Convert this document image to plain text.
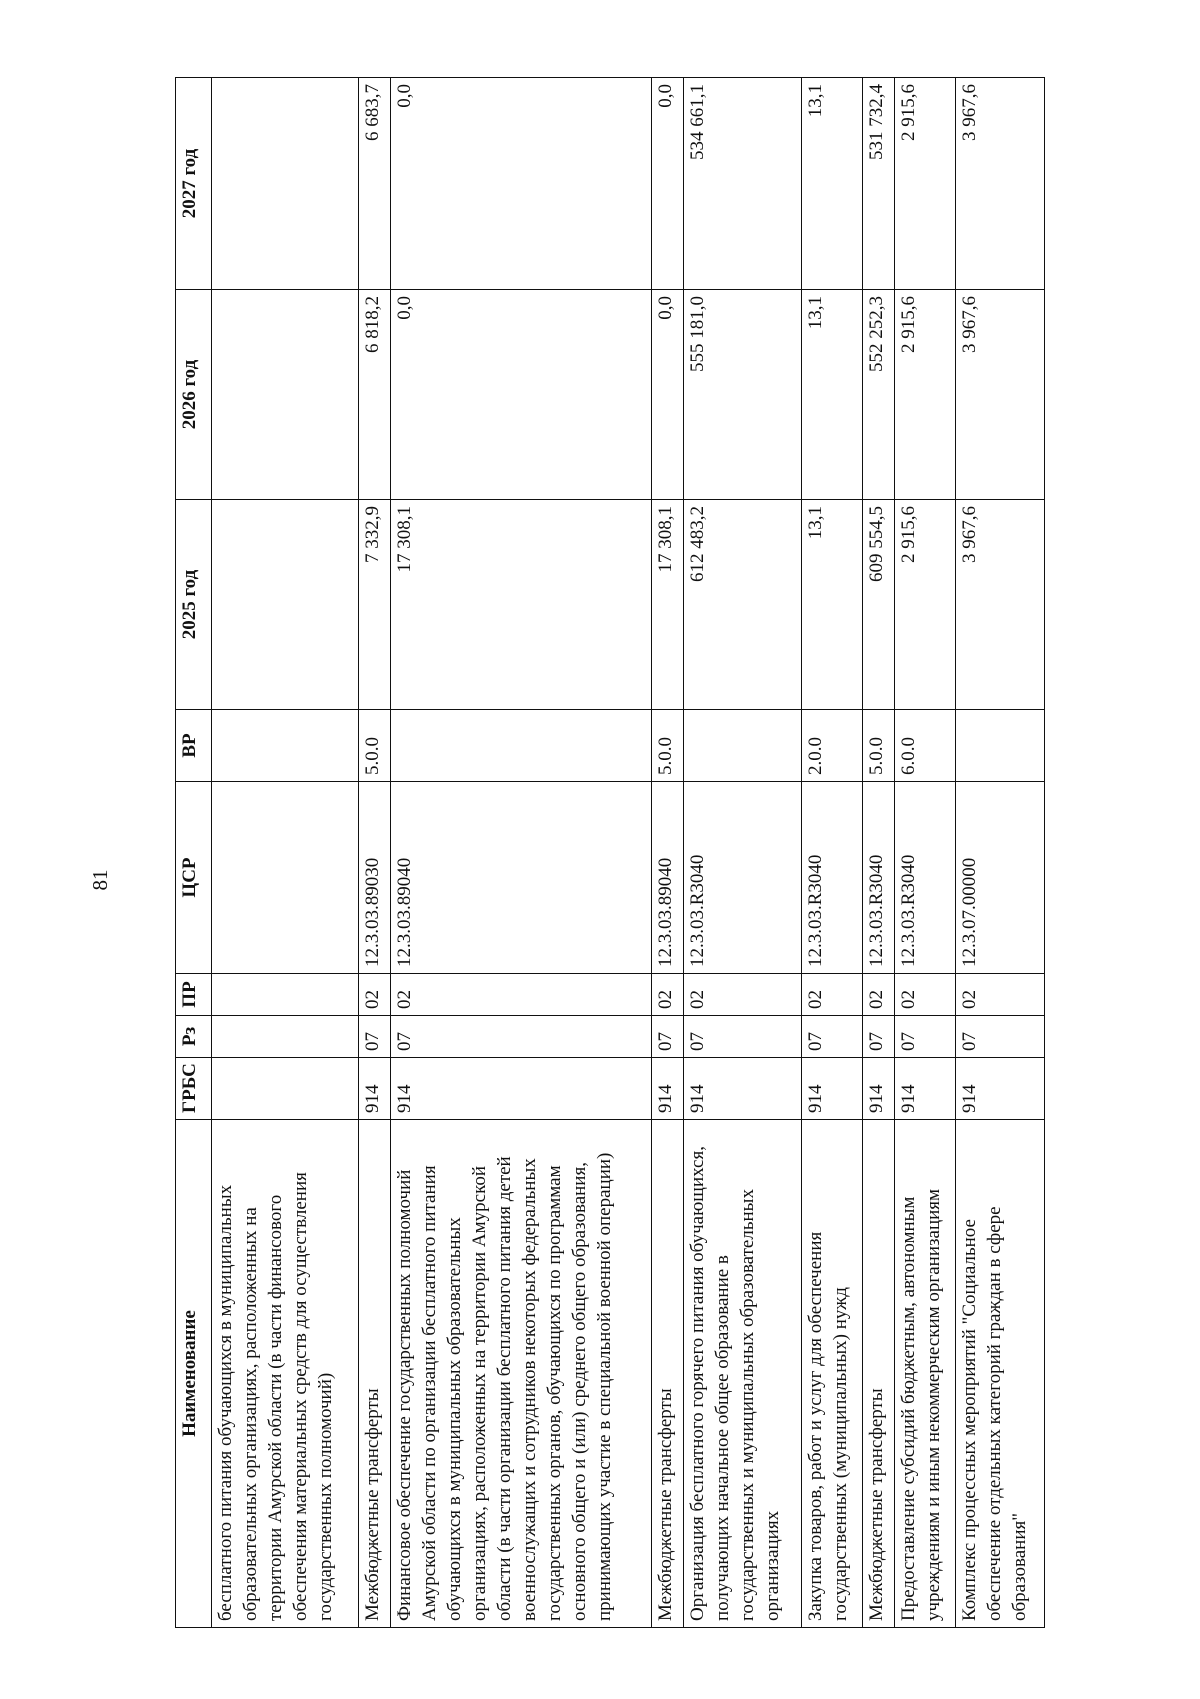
81
Наименование	ГРБС	Рз	ПР	ЦСР	ВР	2025 год	2026 год	2027 год
бесплатного питания обучающихся в муниципальных образовательных организациях, расположенных на территории Амурской области (в части финансового обеспечения материальных средств для осуществления государственных полномочий)								
Межбюджетные трансферты	914	07	02	12.3.03.89030	5.0.0	7 332,9	6 818,2	6 683,7
Финансовое обеспечение государственных полномочий Амурской области по организации бесплатного питания обучающихся в муниципальных образовательных организациях, расположенных на территории Амурской области (в части организации бесплатного питания детей военнослужащих и сотрудников некоторых федеральных государственных органов, обучающихся по программам основного общего и (или) среднего общего образования, принимающих участие в специальной военной операции)	914	07	02	12.3.03.89040		17 308,1	0,0	0,0
Межбюджетные трансферты	914	07	02	12.3.03.89040	5.0.0	17 308,1	0,0	0,0
Организация бесплатного горячего питания обучающихся, получающих начальное общее образование в государственных и муниципальных образовательных организациях	914	07	02	12.3.03.R3040		612 483,2	555 181,0	534 661,1
Закупка товаров, работ и услуг для обеспечения государственных (муниципальных) нужд	914	07	02	12.3.03.R3040	2.0.0	13,1	13,1	13,1
Межбюджетные трансферты	914	07	02	12.3.03.R3040	5.0.0	609 554,5	552 252,3	531 732,4
Предоставление субсидий бюджетным, автономным учреждениям и иным некоммерческим организациям	914	07	02	12.3.03.R3040	6.0.0	2 915,6	2 915,6	2 915,6
Комплекс процессных мероприятий "Социальное обеспечение отдельных категорий граждан в сфере образования"	914	07	02	12.3.07.00000		3 967,6	3 967,6	3 967,6
